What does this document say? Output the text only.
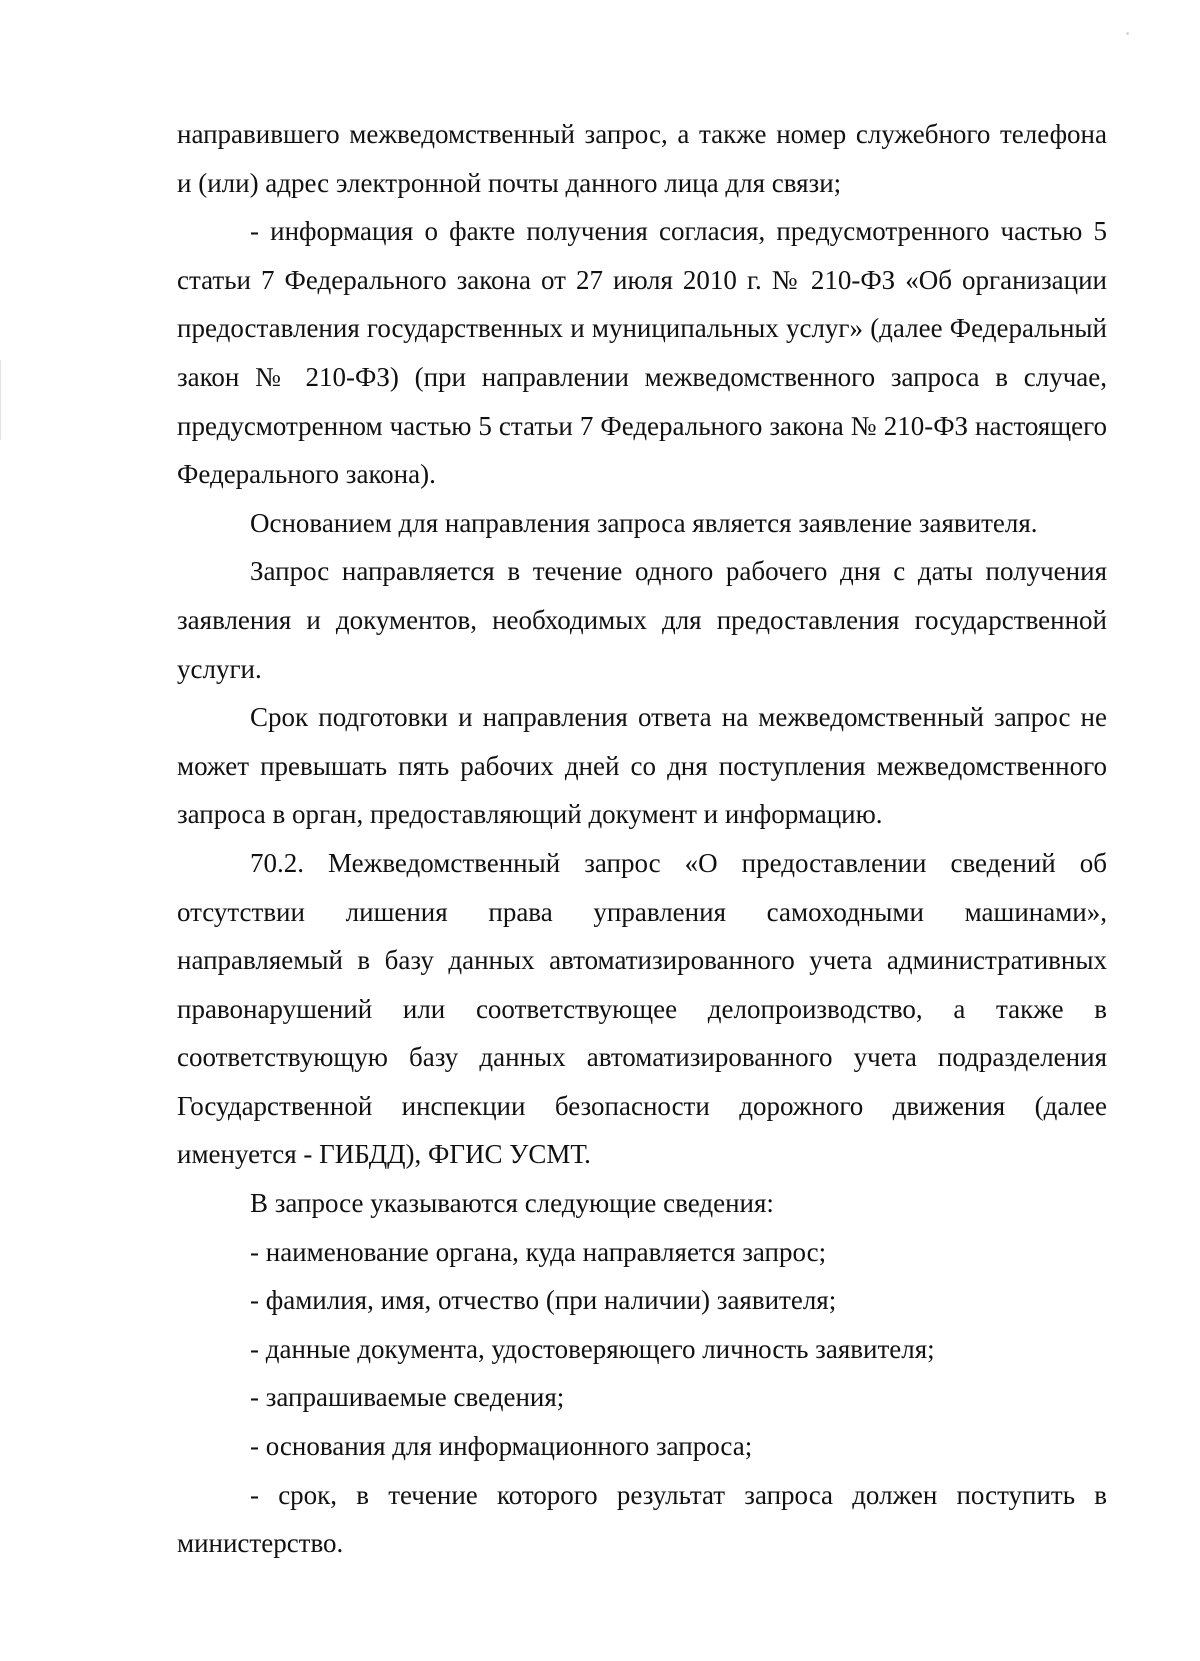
направившего межведомственный запрос, а также номер служебного телефона и (или) адрес электронной почты данного лица для связи;

- информация о факте получения согласия, предусмотренного частью 5 статьи 7 Федерального закона от 27 июля 2010 г. № 210-ФЗ «Об организации предоставления государственных и муниципальных услуг» (далее Федеральный закон № 210-ФЗ) (при направлении межведомственного запроса в случае, предусмотренном частью 5 статьи 7 Федерального закона № 210-ФЗ настоящего Федерального закона).

Основанием для направления запроса является заявление заявителя.

Запрос направляется в течение одного рабочего дня с даты получения заявления и документов, необходимых для предоставления государственной услуги.

Срок подготовки и направления ответа на межведомственный запрос не может превышать пять рабочих дней со дня поступления межведомственного запроса в орган, предоставляющий документ и информацию.

70.2. Межведомственный запрос «О предоставлении сведений об отсутствии лишения права управления самоходными машинами», направляемый в базу данных автоматизированного учета административных правонарушений или соответствующее делопроизводство, а также в соответствующую базу данных автоматизированного учета подразделения Государственной инспекции безопасности дорожного движения (далее именуется - ГИБДД), ФГИС УСМТ.

В запросе указываются следующие сведения:

- наименование органа, куда направляется запрос;

- фамилия, имя, отчество (при наличии) заявителя;

- данные документа, удостоверяющего личность заявителя;

- запрашиваемые сведения;

- основания для информационного запроса;

- срок, в течение которого результат запроса должен поступить в министерство.
